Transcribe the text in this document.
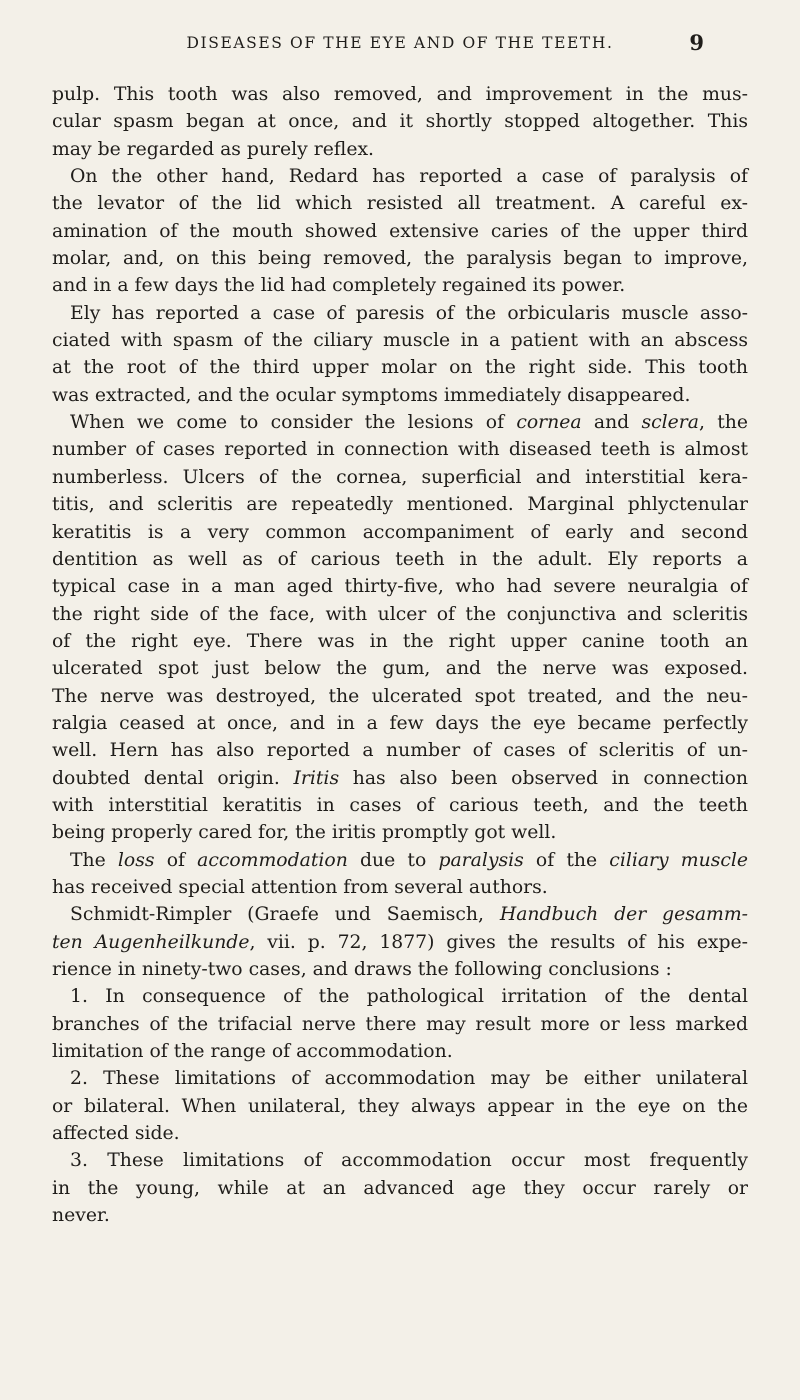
DISEASES OF THE EYE AND OF THE TEETH.	9
pulp. This tooth was also removed, and improvement in the mus-
cular spasm began at once, and it shortly stopped altogether. This
may be regarded as purely reflex.
On the other hand, Redard has reported a case of paralysis of
the levator of the lid which resisted all treatment. A careful ex-
amination of the mouth showed extensive caries of the upper third
molar, and, on this being removed, the paralysis began to improve,
and in a few days the lid had completely regained its power.
Ely has reported a case of paresis of the orbicularis muscle asso-
ciated with spasm of the ciliary muscle in a patient with an abscess
at the root of the third upper molar on the right side. This tooth
was extracted, and the ocular symptoms immediately disappeared.
When we come to consider the lesions of cornea and sclera, the
number of cases reported in connection with diseased teeth is almost
numberless. Ulcers of the cornea, superficial and interstitial kera-
titis, and scleritis are repeatedly mentioned. Marginal phlyctenular
keratitis is a very common accompaniment of early and second
dentition as well as of carious teeth in the adult. Ely reports a
typical case in a man aged thirty-five, who had severe neuralgia of
the right side of the face, with ulcer of the conjunctiva and scleritis
of the right eye. There was in the right upper canine tooth an
ulcerated spot just below the gum, and the nerve was exposed.
The nerve was destroyed, the ulcerated spot treated, and the neu-
ralgia ceased at once, and in a few days the eye became perfectly
well. Hern has also reported a number of cases of scleritis of un-
doubted dental origin. Iritis has also been observed in connection
with interstitial keratitis in cases of carious teeth, and the teeth
being properly cared for, the iritis promptly got well.
The loss of accommodation due to paralysis of the ciliary muscle
has received special attention from several authors.
Schmidt-Rimpler (Graefe und Saemisch, Handbuch der gesamm-
ten Augenheilkunde, vii. p. 72, 1877) gives the results of his expe-
rience in ninety-two cases, and draws the following conclusions :
1. In consequence of the pathological irritation of the dental
branches of the trifacial nerve there may result more or less marked
limitation of the range of accommodation.
2. These limitations of accommodation may be either unilateral
or bilateral. When unilateral, they always appear in the eye on the
affected side.
3. These limitations of accommodation occur most frequently
in the young, while at an advanced age they occur rarely or
never.
